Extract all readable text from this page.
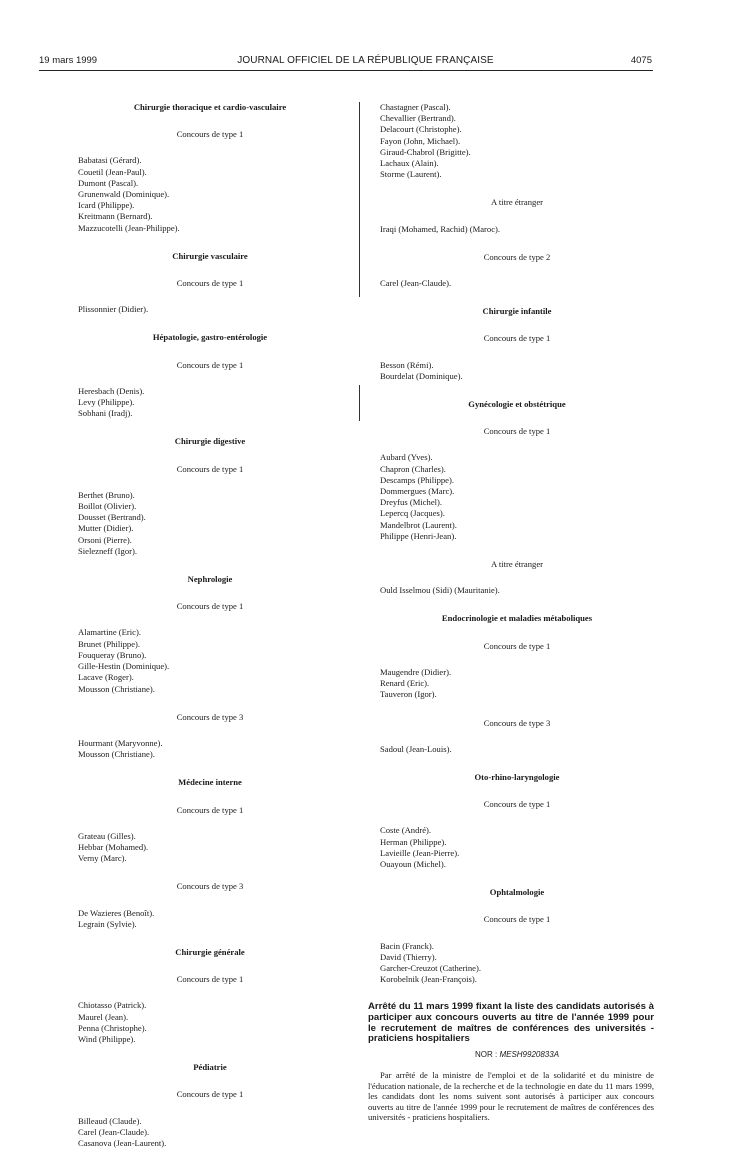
19 mars 1999	JOURNAL OFFICIEL DE LA RÉPUBLIQUE FRANÇAISE	4075
Chirurgie thoracique et cardio-vasculaire
Concours de type 1
Babatasi (Gérard).
Couetil (Jean-Paul).
Dumont (Pascal).
Grunenwald (Dominique).
Icard (Philippe).
Kreitmann (Bernard).
Mazzucotelli (Jean-Philippe).
Chirurgie vasculaire
Concours de type 1
Plissonnier (Didier).
Hépatologie, gastro-entérologie
Concours de type 1
Heresbach (Denis).
Levy (Philippe).
Sobhani (Iradj).
Chirurgie digestive
Concours de type 1
Berthet (Bruno).
Boillot (Olivier).
Dousset (Bertrand).
Mutter (Didier).
Orsoni (Pierre).
Sielezneff (Igor).
Nephrologie
Concours de type 1
Alamartine (Eric).
Brunet (Philippe).
Fouqueray (Bruno).
Gille-Hestin (Dominique).
Lacave (Roger).
Mousson (Christiane).
Concours de type 3
Hourmant (Maryvonne).
Mousson (Christiane).
Médecine interne
Concours de type 1
Grateau (Gilles).
Hebbar (Mohamed).
Verny (Marc).
Concours de type 3
De Wazieres (Benoît).
Legrain (Sylvie).
Chirurgie générale
Concours de type 1
Chiotasso (Patrick).
Maurel (Jean).
Penna (Christophe).
Wind (Philippe).
Pédiatrie
Concours de type 1
Billeaud (Claude).
Carel (Jean-Claude).
Casanova (Jean-Laurent).
Chastagner (Pascal).
Chevallier (Bertrand).
Delacourt (Christophe).
Fayon (John, Michael).
Giraud-Chabrol (Brigitte).
Lachaux (Alain).
Storme (Laurent).
A titre étranger
Iraqi (Mohamed, Rachid) (Maroc).
Concours de type 2
Carel (Jean-Claude).
Chirurgie infantile
Concours de type 1
Besson (Rémi).
Bourdelat (Dominique).
Gynécologie et obstétrique
Concours de type 1
Aubard (Yves).
Chapron (Charles).
Descamps (Philippe).
Dommergues (Marc).
Dreyfus (Michel).
Lepercq (Jacques).
Mandelbrot (Laurent).
Philippe (Henri-Jean).
A titre étranger
Ould Isselmou (Sidi) (Mauritanie).
Endocrinologie et maladies métaboliques
Concours de type 1
Maugendre (Didier).
Renard (Eric).
Tauveron (Igor).
Concours de type 3
Sadoul (Jean-Louis).
Oto-rhino-laryngologie
Concours de type 1
Coste (André).
Herman (Philippe).
Lavieille (Jean-Pierre).
Ouayoun (Michel).
Ophtalmologie
Concours de type 1
Bacin (Franck).
David (Thierry).
Garcher-Creuzot (Catherine).
Korobelnik (Jean-François).
Arrêté du 11 mars 1999 fixant la liste des candidats autorisés à participer aux concours ouverts au titre de l'année 1999 pour le recrutement de maîtres de conférences des universités - praticiens hospitaliers
NOR : MESH9920833A
Par arrêté de la ministre de l'emploi et de la solidarité et du ministre de l'éducation nationale, de la recherche et de la technologie en date du 11 mars 1999, les candidats dont les noms suivent sont autorisés à participer aux concours ouverts au titre de l'année 1999 pour le recrutement de maîtres de conférences des universités - praticiens hospitaliers.
